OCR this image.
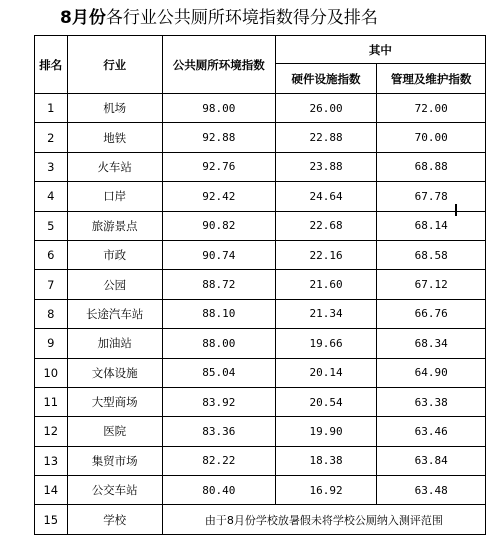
8月份各行业公共厕所环境指数得分及排名
排名	行业	公共厕所环境指数	其中	
			硬件设施指数	管理及维护指数
1	机场	98.00	26.00	72.00
2	地铁	92.88	22.88	70.00
3	火车站	92.76	23.88	68.88
4	口岸	92.42	24.64	67.78
5	旅游景点	90.82	22.68	68.14
6	市政	90.74	22.16	68.58
7	公园	88.72	21.60	67.12
8	长途汽车站	88.10	21.34	66.76
9	加油站	88.00	19.66	68.34
10	文体设施	85.04	20.14	64.90
11	大型商场	83.92	20.54	63.38
12	医院	83.36	19.90	63.46
13	集贸市场	82.22	18.38	63.84
14	公交车站	80.40	16.92	63.48
15	学校	由于8月份学校放暑假未将学校公厕纳入测评范围		
